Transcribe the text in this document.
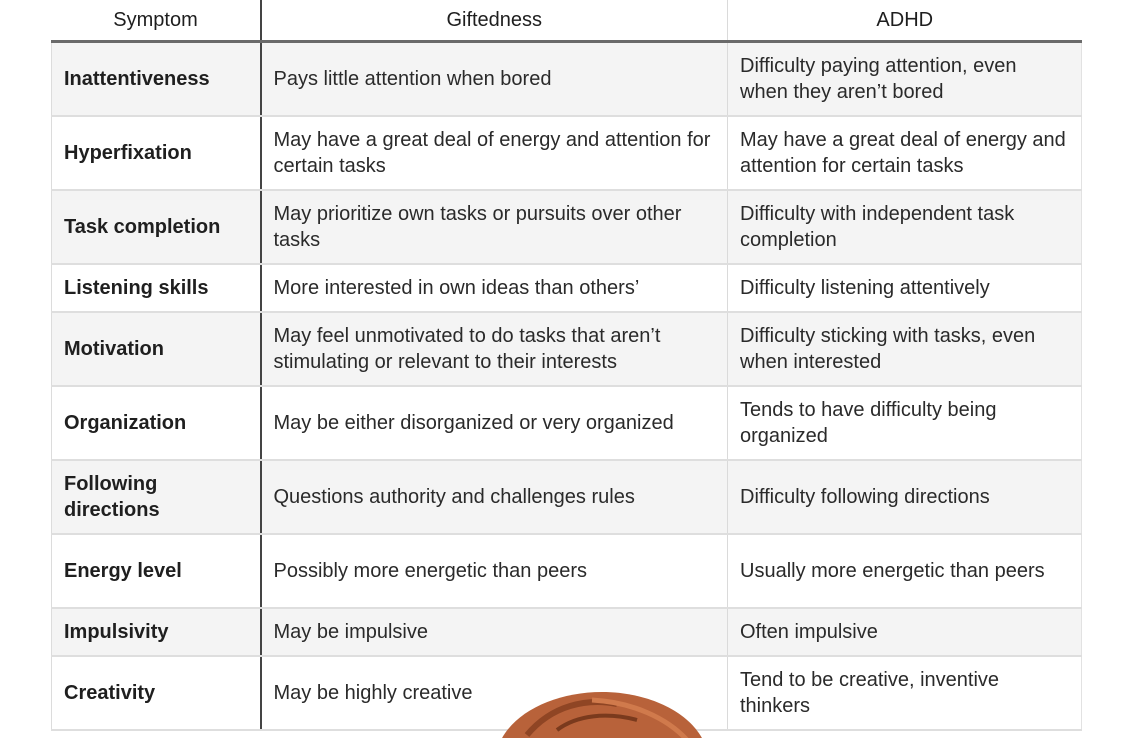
Symptom	Giftedness	ADHD
Inattentiveness	Pays little attention when bored	Difficulty paying attention, even when they aren’t bored
Hyperfixation	May have a great deal of energy and attention for certain tasks	May have a great deal of energy and attention for certain tasks
Task completion	May prioritize own tasks or pursuits over other tasks	Difficulty with independent task completion
Listening skills	More interested in own ideas than others’	Difficulty listening attentively
Motivation	May feel unmotivated to do tasks that aren’t stimulating or relevant to their interests	Difficulty sticking with tasks, even when interested
Organization	May be either disorganized or very organized	Tends to have difficulty being organized
Following directions	Questions authority and challenges rules	Difficulty following directions
Energy level	Possibly more energetic than peers	Usually more energetic than peers
Impulsivity	May be impulsive	Often impulsive
Creativity	May be highly creative	Tend to be creative, inventive thinkers
